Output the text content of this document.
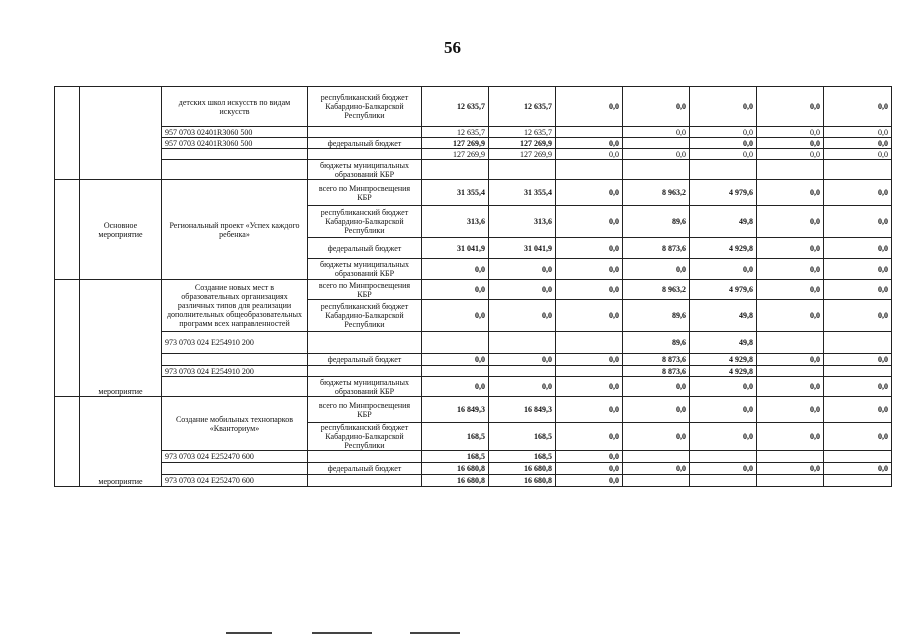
56
		детских школ искусств по видам искусств	республиканский бюджет Кабардино-Балкарской Республики	12 635,7	12 635,7	0,0	0,0	0,0	0,0	0,0
		957 0703 02401R3060 500		12 635,7	12 635,7		0,0	0,0	0,0	0,0
		957 0703 02401R3060 500	федеральный бюджет	127 269,9	127 269,9	0,0		0,0	0,0	0,0
				127 269,9	127 269,9	0,0	0,0	0,0	0,0	0,0
			бюджеты муниципальных образований КБР							
	Основное мероприятие	Региональный проект «Успех каждого ребенка»	всего по Минпросвещения КБР	31 355,4	31 355,4	0,0	8 963,2	4 979,6	0,0	0,0
			республиканский бюджет Кабардино-Балкарской Республики	313,6	313,6	0,0	89,6	49,8	0,0	0,0
			федеральный бюджет	31 041,9	31 041,9	0,0	8 873,6	4 929,8	0,0	0,0
			бюджеты муниципальных образований КБР	0,0	0,0	0,0	0,0	0,0	0,0	0,0
	мероприятие	Создание новых мест в образовательных организациях различных типов для реализации дополнительных общеобразовательных программ всех направленностей	всего по Минпросвещения КБР	0,0	0,0	0,0	8 963,2	4 979,6	0,0	0,0
			республиканский бюджет Кабардино-Балкарской Республики	0,0	0,0	0,0	89,6	49,8	0,0	0,0
		973 0703 024 E254910 200					89,6	49,8		
			федеральный бюджет	0,0	0,0	0,0	8 873,6	4 929,8	0,0	0,0
		973 0703 024 E254910 200					8 873,6	4 929,8		
			бюджеты муниципальных образований КБР	0,0	0,0	0,0	0,0	0,0	0,0	0,0
	мероприятие	Создание мобильных технопарков «Кванториум»	всего по Минпросвещения КБР	16 849,3	16 849,3	0,0	0,0	0,0	0,0	0,0
			республиканский бюджет Кабардино-Балкарской Республики	168,5	168,5	0,0	0,0	0,0	0,0	0,0
		973 0703 024 E252470 600		168,5	168,5	0,0				
			федеральный бюджет	16 680,8	16 680,8	0,0	0,0	0,0	0,0	0,0
		973 0703 024 E252470 600		16 680,8	16 680,8	0,0				
